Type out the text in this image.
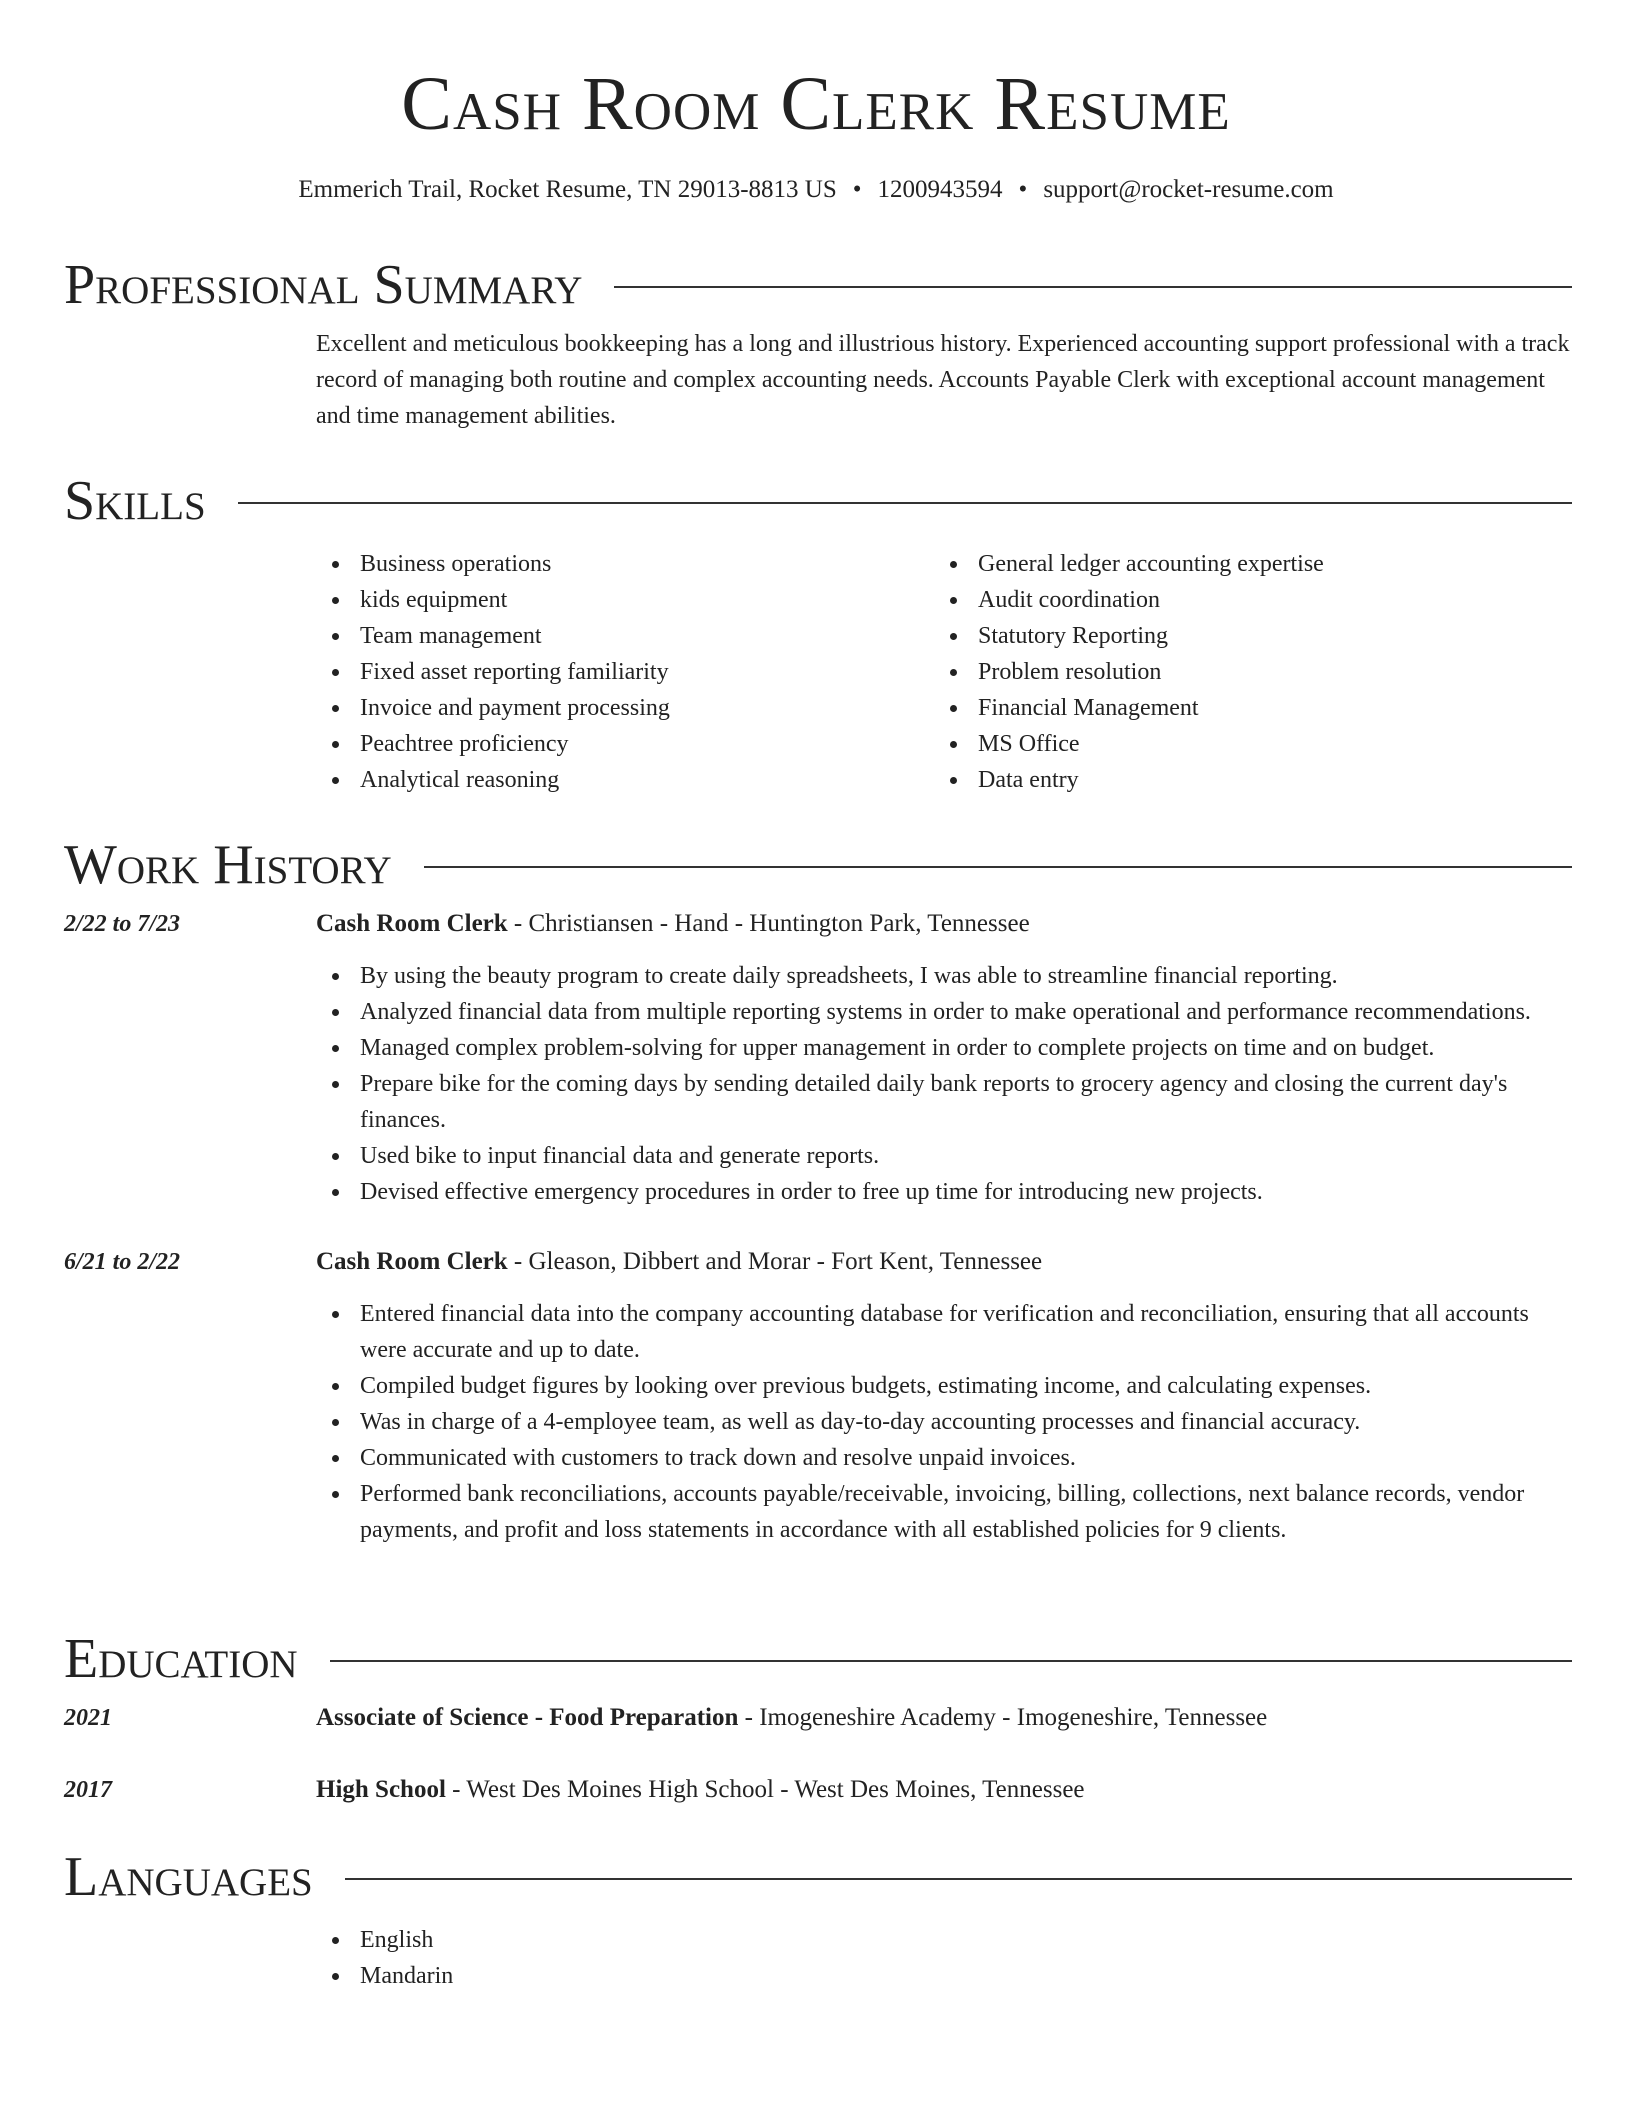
Cash Room Clerk Resume
Emmerich Trail, Rocket Resume, TN 29013-8813 US • 1200943594 • support@rocket-resume.com
Professional Summary

Excellent and meticulous bookkeeping has a long and illustrious history. Experienced accounting support professional with a track record of managing both routine and complex accounting needs. Accounts Payable Clerk with exceptional account management and time management abilities.

Skills
Business operations
kids equipment
Team management
Fixed asset reporting familiarity
Invoice and payment processing
Peachtree proficiency
Analytical reasoning
General ledger accounting expertise
Audit coordination
Statutory Reporting
Problem resolution
Financial Management
MS Office
Data entry
Work History
2/22 to 7/23	Cash Room Clerk - Christiansen - Hand - Huntington Park, Tennessee
By using the beauty program to create daily spreadsheets, I was able to streamline financial reporting.
Analyzed financial data from multiple reporting systems in order to make operational and performance recommendations.
Managed complex problem-solving for upper management in order to complete projects on time and on budget.
Prepare bike for the coming days by sending detailed daily bank reports to grocery agency and closing the current day's finances.
Used bike to input financial data and generate reports.
Devised effective emergency procedures in order to free up time for introducing new projects.
6/21 to 2/22	Cash Room Clerk - Gleason, Dibbert and Morar - Fort Kent, Tennessee
Entered financial data into the company accounting database for verification and reconciliation, ensuring that all accounts were accurate and up to date.
Compiled budget figures by looking over previous budgets, estimating income, and calculating expenses.
Was in charge of a 4-employee team, as well as day-to-day accounting processes and financial accuracy.
Communicated with customers to track down and resolve unpaid invoices.
Performed bank reconciliations, accounts payable/receivable, invoicing, billing, collections, next balance records, vendor payments, and profit and loss statements in accordance with all established policies for 9 clients.
Education
2021	Associate of Science - Food Preparation - Imogeneshire Academy - Imogeneshire, Tennessee
2017	High School - West Des Moines High School - West Des Moines, Tennessee
Languages
English
Mandarin
